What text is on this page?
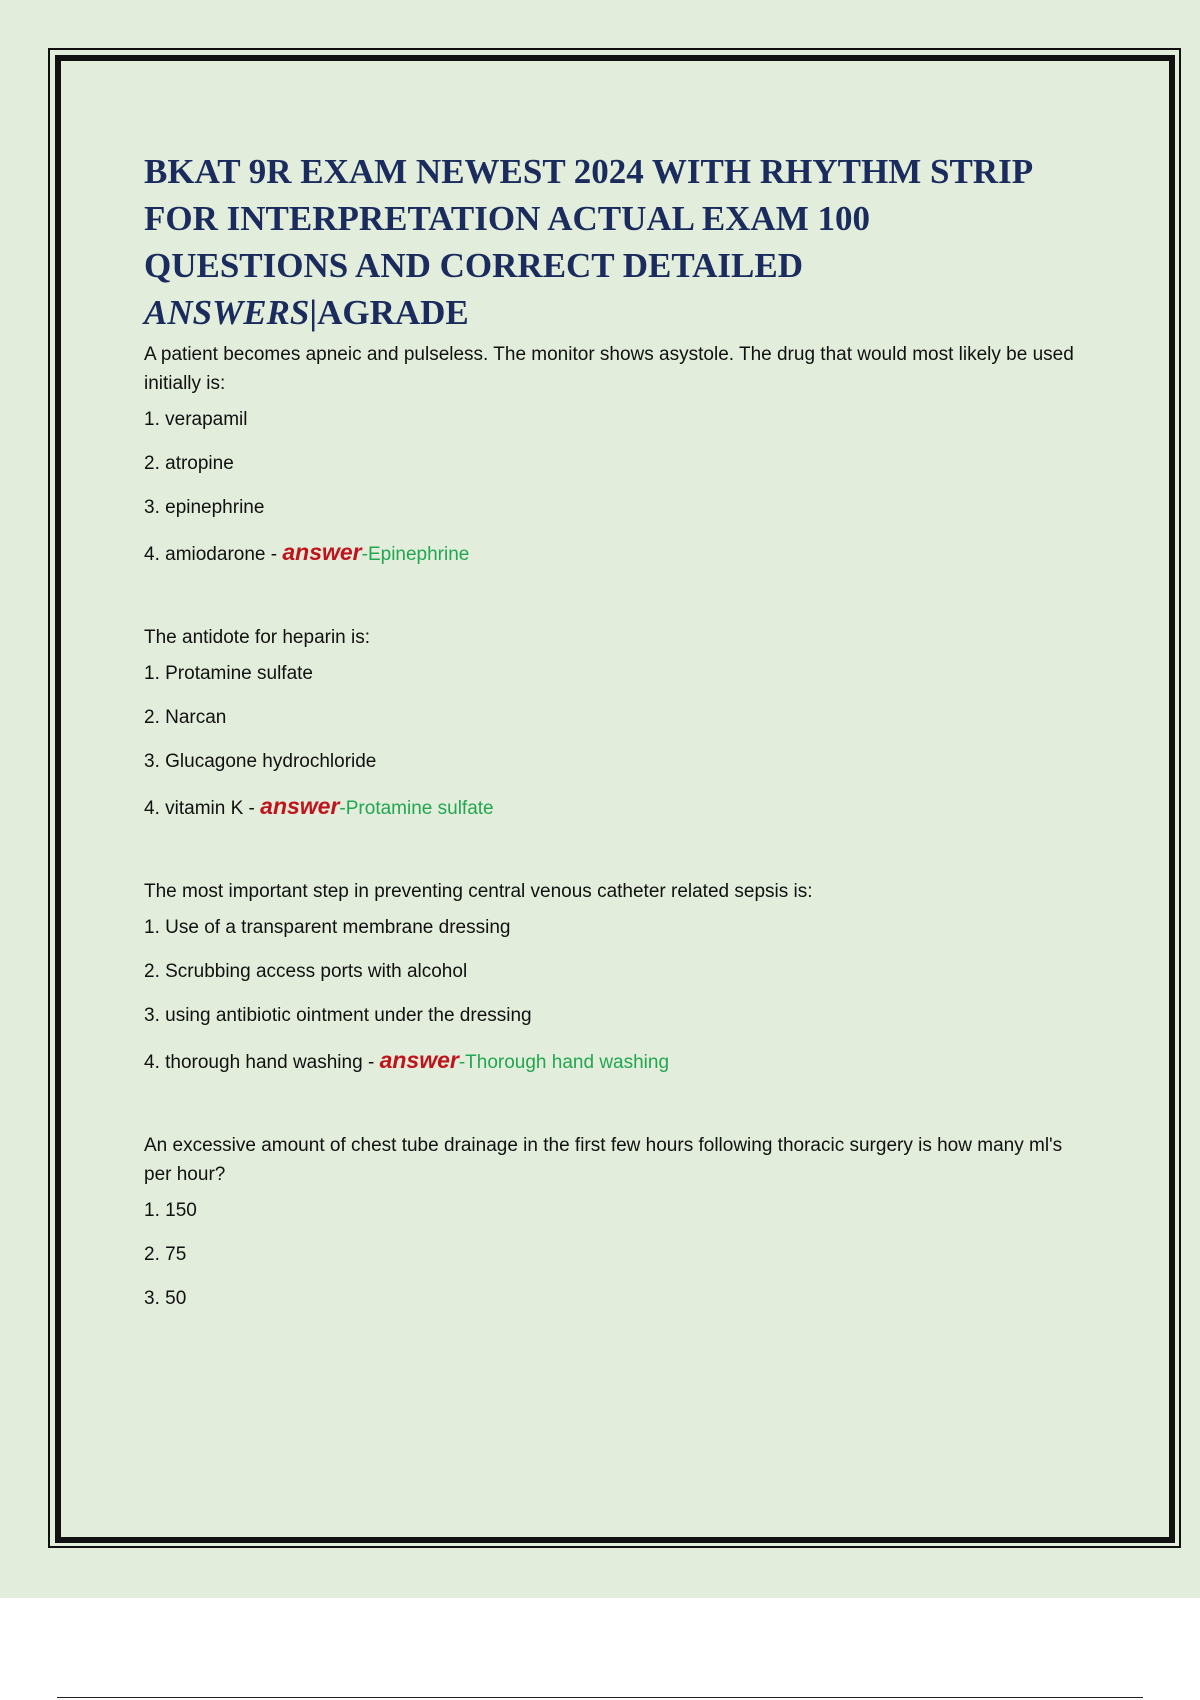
BKAT 9R EXAM NEWEST 2024 WITH RHYTHM STRIP
FOR INTERPRETATION ACTUAL EXAM 100
QUESTIONS AND CORRECT DETAILED
ANSWERS|AGRADE

A patient becomes apneic and pulseless. The monitor shows asystole. The drug that would most likely be used initially is:

1. verapamil
2. atropine
3. epinephrine
4. amiodarone - answer-Epinephrine

The antidote for heparin is:

1. Protamine sulfate
2. Narcan
3. Glucagone hydrochloride
4. vitamin K - answer-Protamine sulfate

The most important step in preventing central venous catheter related sepsis is:

1. Use of a transparent membrane dressing
2. Scrubbing access ports with alcohol
3. using antibiotic ointment under the dressing
4. thorough hand washing - answer-Thorough hand washing

An excessive amount of chest tube drainage in the first few hours following thoracic surgery is how many ml's per hour?

1. 150
2. 75
3. 50
